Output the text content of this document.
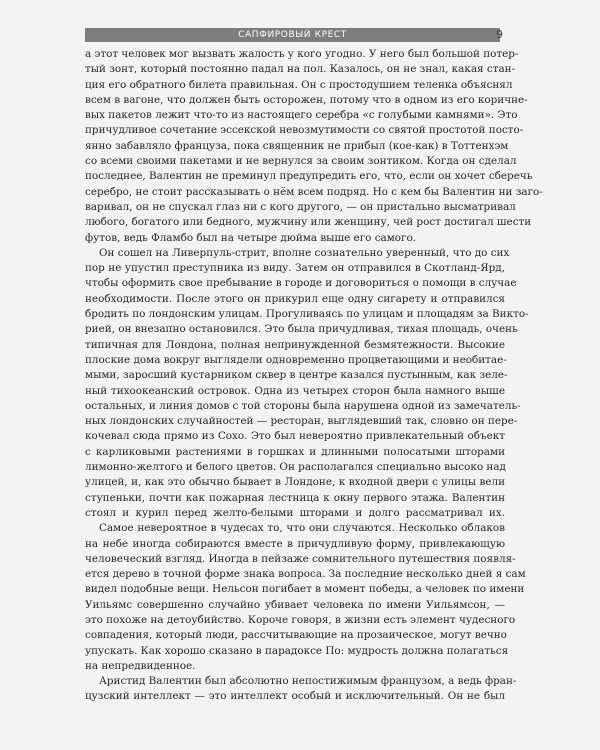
САПФИРОВЫЙ КРЕСТ	9
а этот человек мог вызвать жалость у кого угодно. У него был большой потер-
тый зонт, который постоянно падал на пол. Казалось, он не знал, какая стан-
ция его обратного билета правильная. Он с простодушием теленка объяснял
всем в вагоне, что должен быть осторожен, потому что в одном из его коричне-
вых пакетов лежит что-то из настоящего серебра «с голубыми камнями». Это
причудливое сочетание эссекской невозмутимости со святой простотой посто-
янно забавляло француза, пока священник не прибыл (кое-как) в Тоттенхэм
со всеми своими пакетами и не вернулся за своим зонтиком. Когда он сделал
последнее, Валентин не преминул предупредить его, что, если он хочет сберечь
серебро, не стоит рассказывать о нём всем подряд. Но с кем бы Валентин ни заго-
варивал, он не спускал глаз ни с кого другого, — он пристально высматривал
любого, богатого или бедного, мужчину или женщину, чей рост достигал шести
футов, ведь Фламбо был на четыре дюйма выше его самого.
Он сошел на Ливерпуль-стрит, вполне сознательно уверенный, что до сих
пор не упустил преступника из виду. Затем он отправился в Скотланд-Ярд,
чтобы оформить свое пребывание в городе и договориться о помощи в случае
необходимости. После этого он прикурил еще одну сигарету и отправился
бродить по лондонским улицам. Прогуливаясь по улицам и площадям за Викто-
рией, он внезапно остановился. Это была причудливая, тихая площадь, очень
типичная для Лондона, полная непринужденной безмятежности. Высокие
плоские дома вокруг выглядели одновременно процветающими и необитае-
мыми, заросший кустарником сквер в центре казался пустынным, как зеле-
ный тихоокеанский островок. Одна из четырех сторон была намного выше
остальных, и линия домов с той стороны была нарушена одной из замечатель-
ных лондонских случайностей — ресторан, выглядевший так, словно он пере-
кочевал сюда прямо из Сохо. Это был невероятно привлекательный объект
с карликовыми растениями в горшках и длинными полосатыми шторами
лимонно-желтого и белого цветов. Он располагался специально высоко над
улицей, и, как это обычно бывает в Лондоне, к входной двери с улицы вели
ступеньки, почти как пожарная лестница к окну первого этажа. Валентин
стоял и курил перед желто-белыми шторами и долго рассматривал их.
Самое невероятное в чудесах то, что они случаются. Несколько облаков
на небе иногда собираются вместе в причудливую форму, привлекающую
человеческий взгляд. Иногда в пейзаже сомнительного путешествия появля-
ется дерево в точной форме знака вопроса. За последние несколько дней я сам
видел подобные вещи. Нельсон погибает в момент победы, а человек по имени
Уильямс совершенно случайно убивает человека по имени Уильямсон, —
это похоже на детоубийство. Короче говоря, в жизни есть элемент чудесного
совпадения, который люди, рассчитывающие на прозаическое, могут вечно
упускать. Как хорошо сказано в парадоксе По: мудрость должна полагаться
на непредвиденное.
Аристид Валентин был абсолютно непостижимым французом, а ведь фран-
цузский интеллект — это интеллект особый и исключительный. Он не был
